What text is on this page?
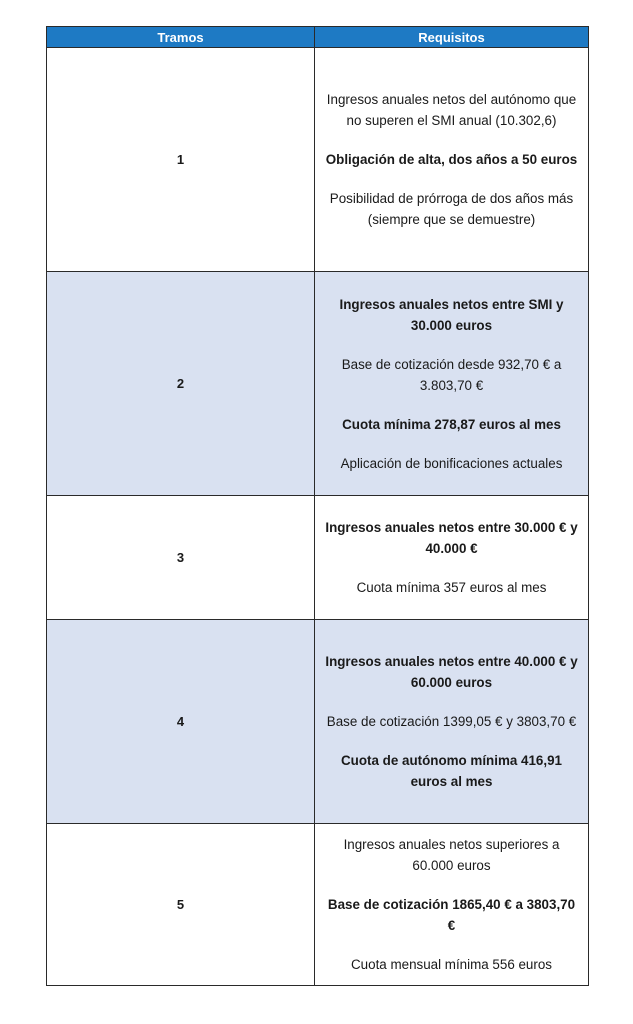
Tramos	Requisitos
1	Ingresos anuales netos del autónomo que no superen el SMI anual (10.302,6)

Obligación de alta, dos años a 50 euros

Posibilidad de prórroga de dos años más (siempre que se demuestre)

2	Ingresos anuales netos entre SMI y 30.000 euros

Base de cotización desde 932,70 € a 3.803,70 €

Cuota mínima 278,87 euros al mes

Aplicación de bonificaciones actuales

3	Ingresos anuales netos entre 30.000 € y 40.000 €

Cuota mínima 357 euros al mes

4	Ingresos anuales netos entre 40.000 € y 60.000 euros

Base de cotización 1399,05 € y 3803,70 €

Cuota de autónomo mínima 416,91 euros al mes

5	Ingresos anuales netos superiores a 60.000 euros

Base de cotización 1865,40 € a 3803,70 €

Cuota mensual mínima 556 euros
